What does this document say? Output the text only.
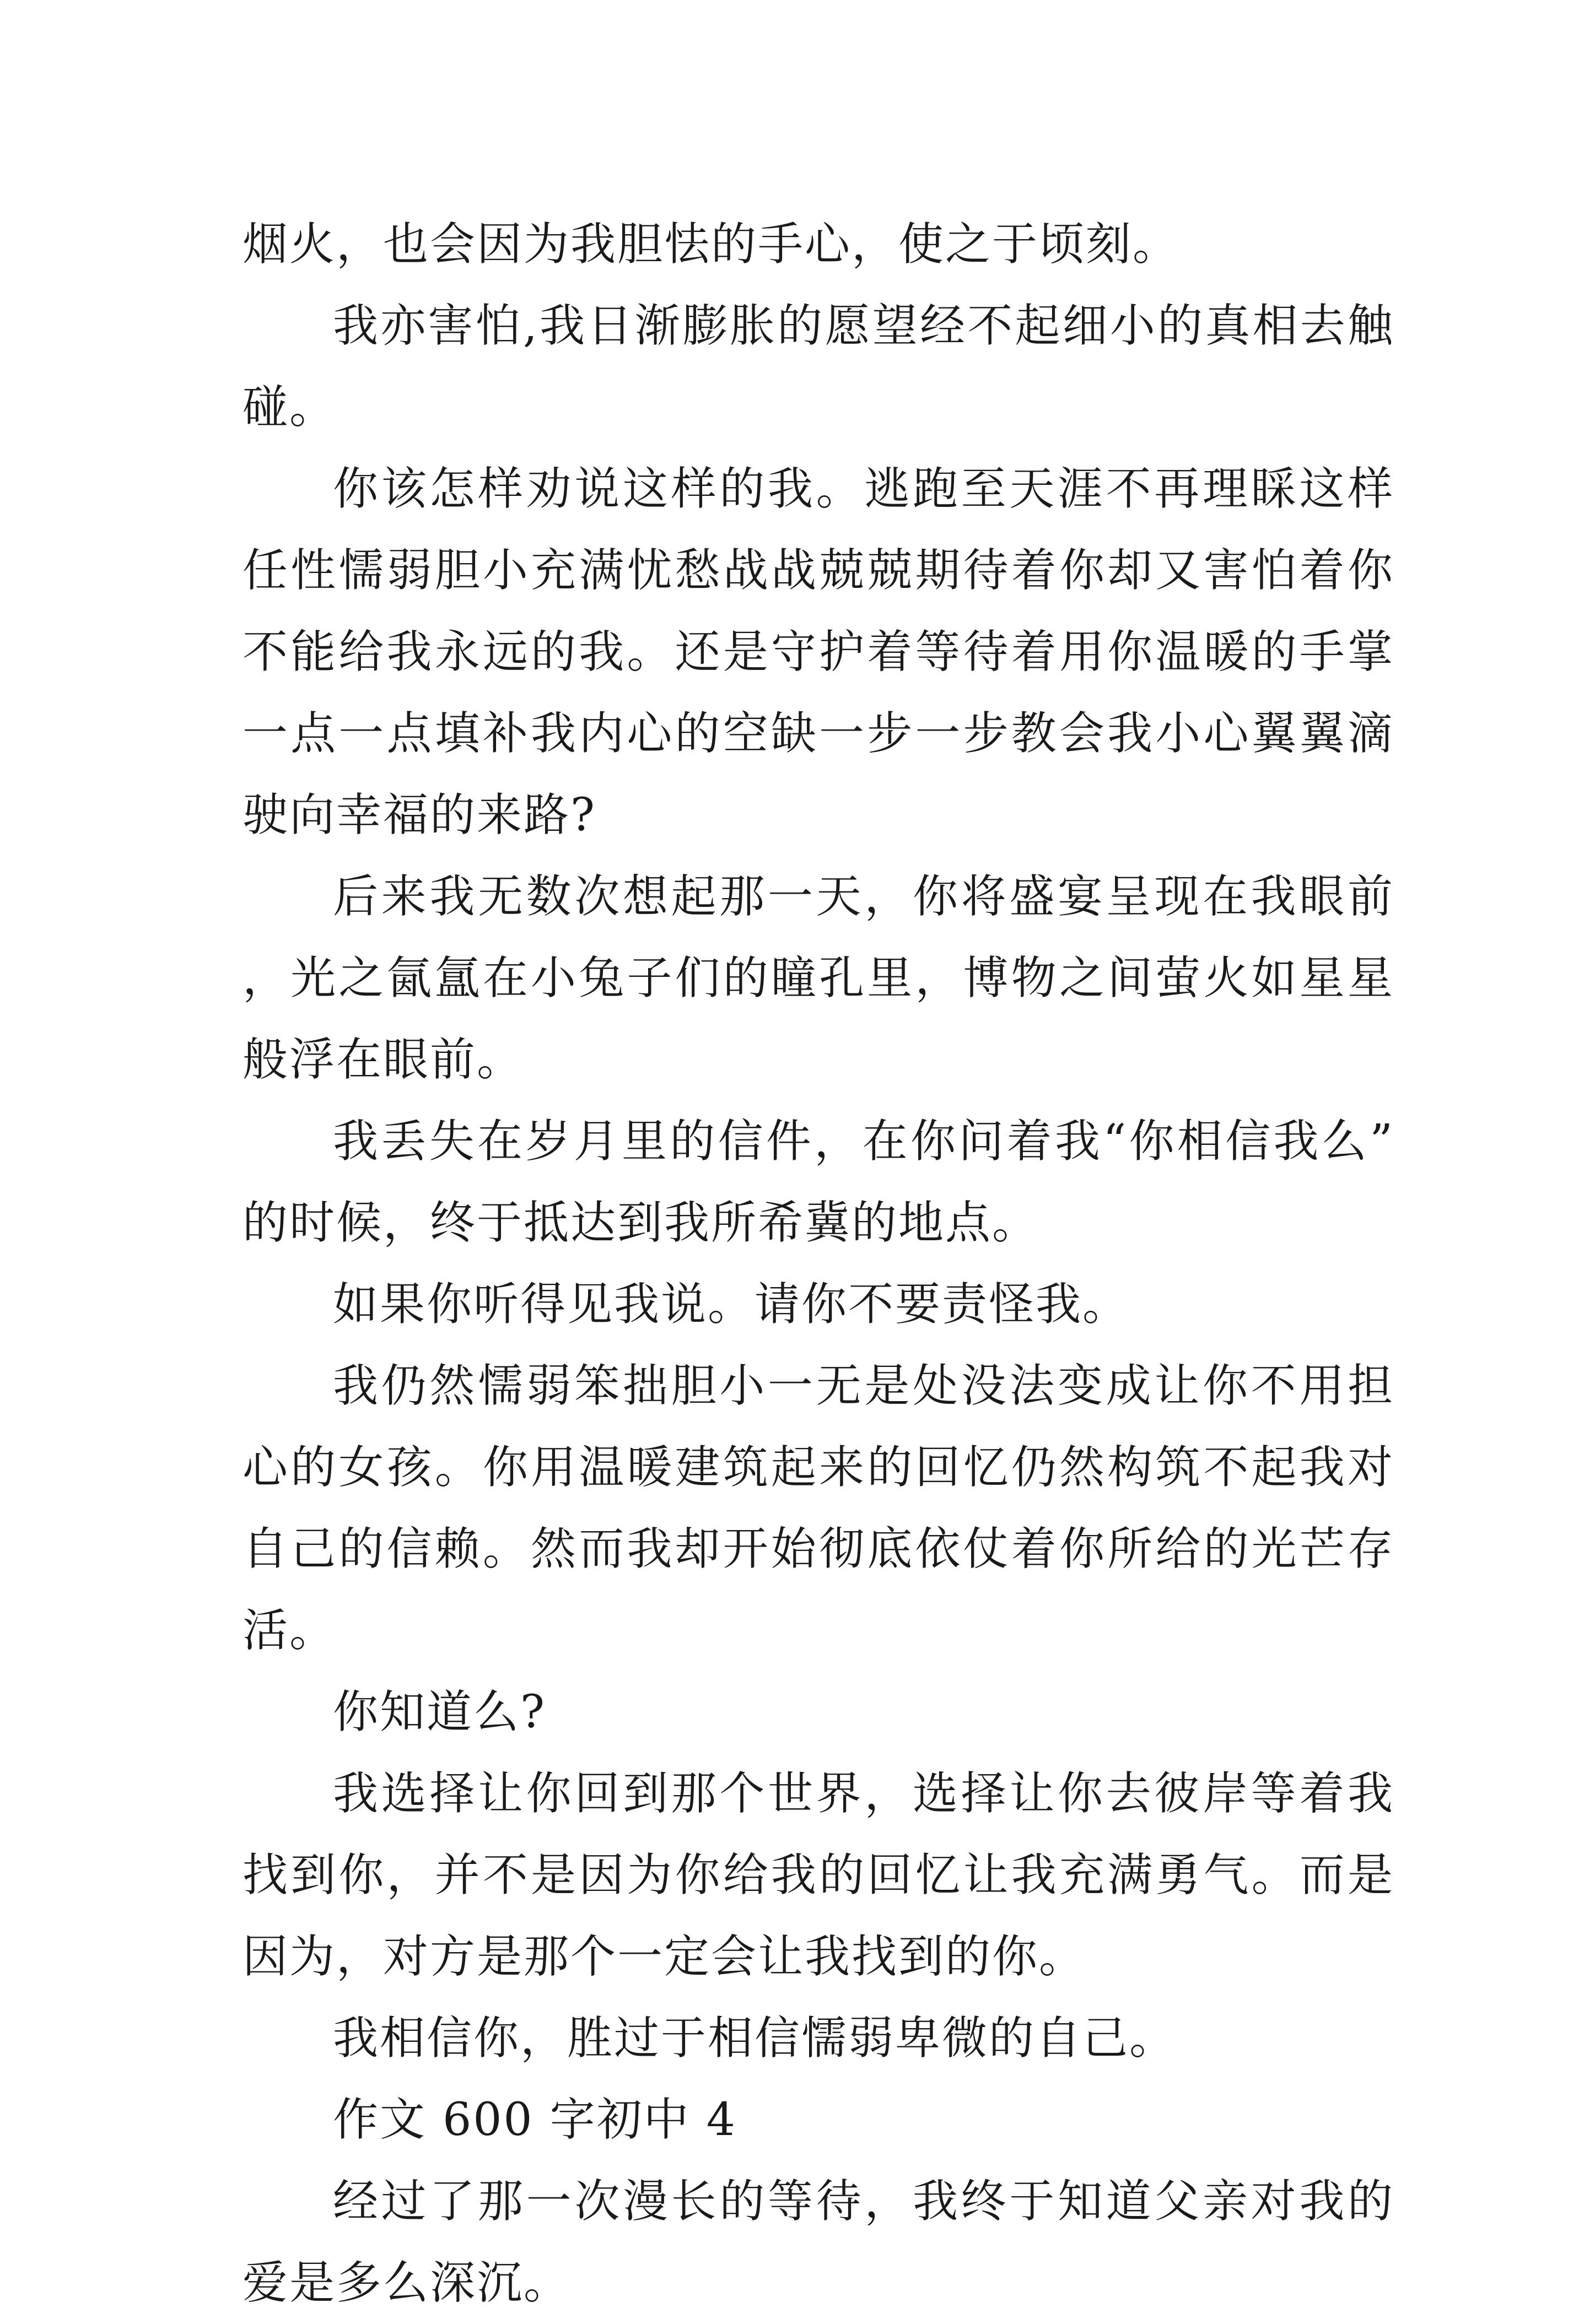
烟火，也会因为我胆怯的手心，使之于顷刻。

我亦害怕,我日渐膨胀的愿望经不起细小的真相去触碰。

你该怎样劝说这样的我。逃跑至天涯不再理睬这样任性懦弱胆小充满忧愁战战兢兢期待着你却又害怕着你不能给我永远的我。还是守护着等待着用你温暖的手掌一点一点填补我内心的空缺一步一步教会我小心翼翼滴驶向幸福的来路?

后来我无数次想起那一天，你将盛宴呈现在我眼前，光之氤氲在小兔子们的瞳孔里，博物之间萤火如星星般浮在眼前。

我丢失在岁月里的信件，在你问着我“你相信我么”的时候，终于抵达到我所希冀的地点。

如果你听得见我说。请你不要责怪我。

我仍然懦弱笨拙胆小一无是处没法变成让你不用担心的女孩。你用温暖建筑起来的回忆仍然构筑不起我对自己的信赖。然而我却开始彻底依仗着你所给的光芒存活。

你知道么?

我选择让你回到那个世界，选择让你去彼岸等着我找到你，并不是因为你给我的回忆让我充满勇气。而是因为，对方是那个一定会让我找到的你。

我相信你，胜过于相信懦弱卑微的自己。

作文 600 字初中 4

经过了那一次漫长的等待，我终于知道父亲对我的爱是多么深沉。
